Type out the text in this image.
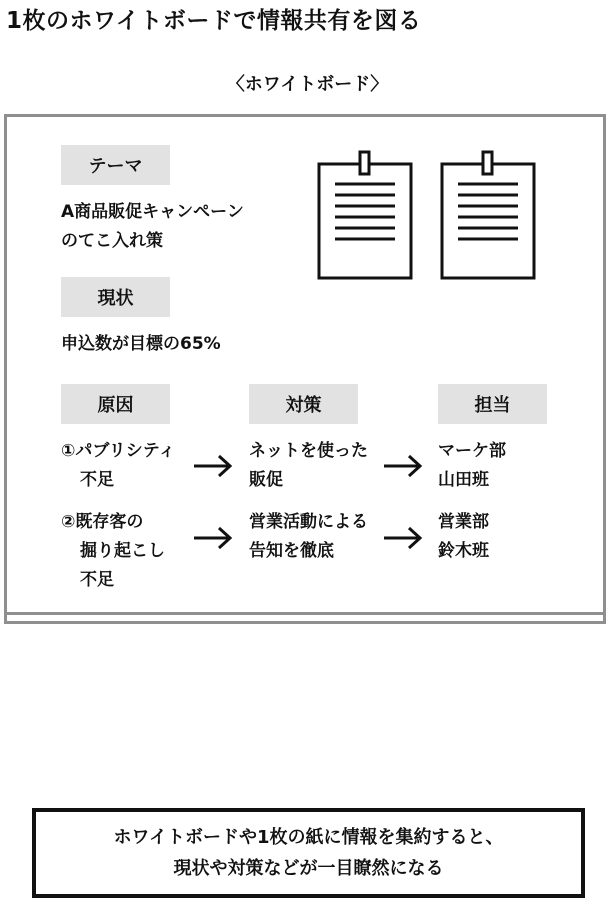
1枚のホワイトボードで情報共有を図る
〈ホワイトボード〉
テーマ
A商品販促キャンペーン
のてこ入れ策
現状
申込数が目標の65%
原因	対策	担当
①パブリシティ
不足
ネットを使った
販促
マーケ部
山田班
②既存客の
掘り起こし
不足
営業活動による
告知を徹底
営業部
鈴木班
ホワイトボードや1枚の紙に情報を集約すると、
現状や対策などが一目瞭然になる
